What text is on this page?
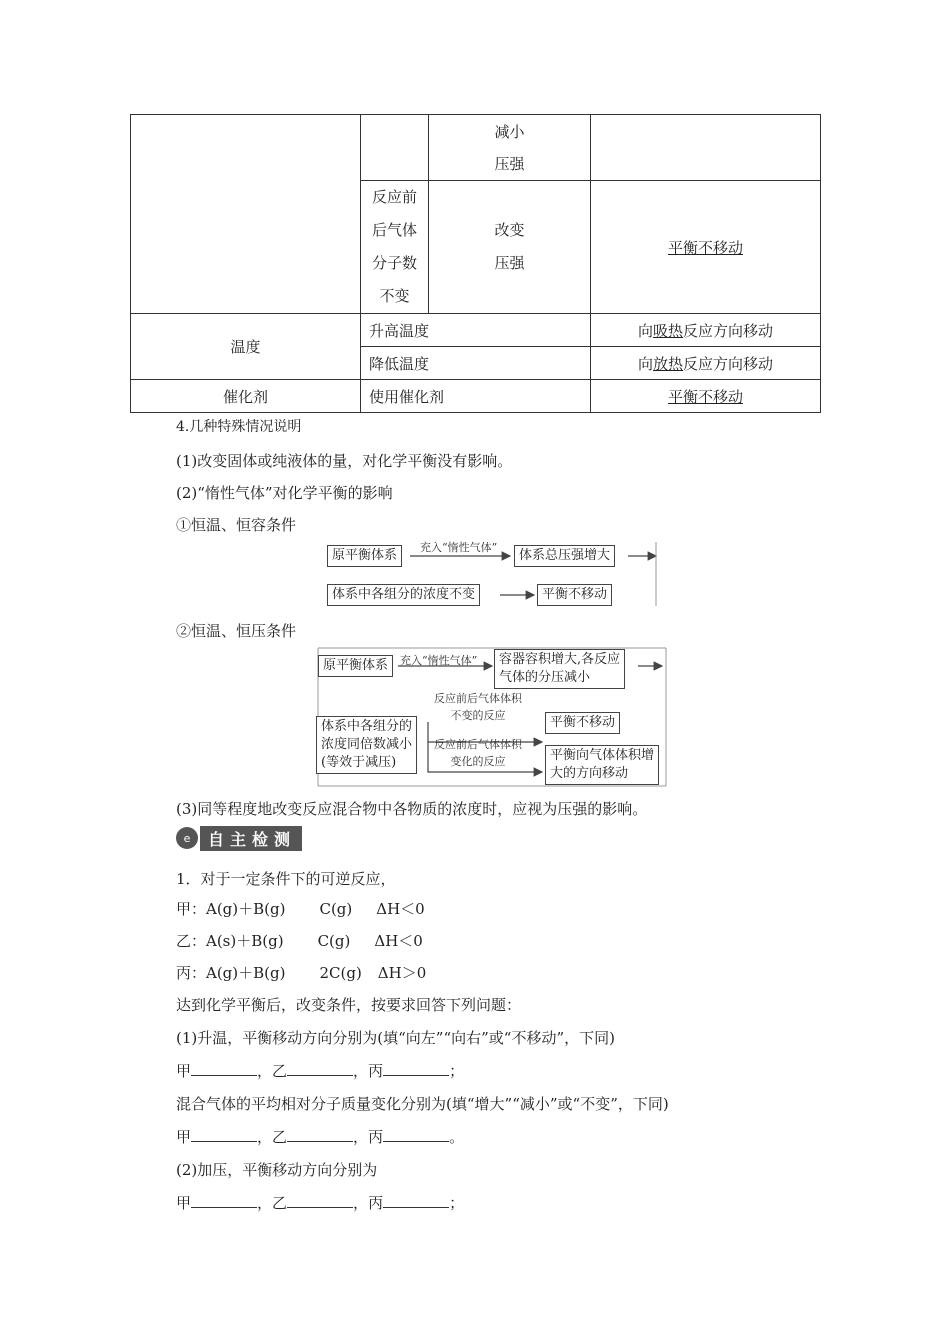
		减小压强	
	反应前后气体分子数不变	改变压强	平衡不移动
温度	升高温度		向吸热反应方向移动
	降低温度		向放热反应方向移动
催化剂	使用催化剂		平衡不移动
4.几种特殊情况说明
(1)改变固体或纯液体的量，对化学平衡没有影响。
(2)“惰性气体”对化学平衡的影响
①恒温、恒容条件
原平衡体系
充入“惰性气体”
体系总压强增大
体系中各组分的浓度不变	平衡不移动
②恒温、恒压条件
原平衡体系	充入“惰性气体” 容器容积增大,各反应
气体的分压减小
体系中各组分的
浓度同倍数减小
(等效于减压)
反应前后气体体积
不变的反应	平衡不移动
反应前后气体体积
变化的反应	平衡向气体体积增
大的方向移动
(3)同等程度地改变反应混合物中各物质的浓度时，应视为压强的影响。
e	自主检测
1．对于一定条件下的可逆反应，
甲：A(g)＋B(g) C(g) ΔH＜0
乙：A(s)＋B(g) C(g) ΔH＜0
丙：A(g)＋B(g) 2C(g) ΔH＞0
达到化学平衡后，改变条件，按要求回答下列问题：
(1)升温，平衡移动方向分别为(填“向左”“向右”或“不移动”，下同)
甲	，乙	，丙	；
混合气体的平均相对分子质量变化分别为(填“增大”“减小”或“不变”，下同)
甲	，乙	，丙	。
(2)加压，平衡移动方向分别为
甲	，乙	，丙	；
